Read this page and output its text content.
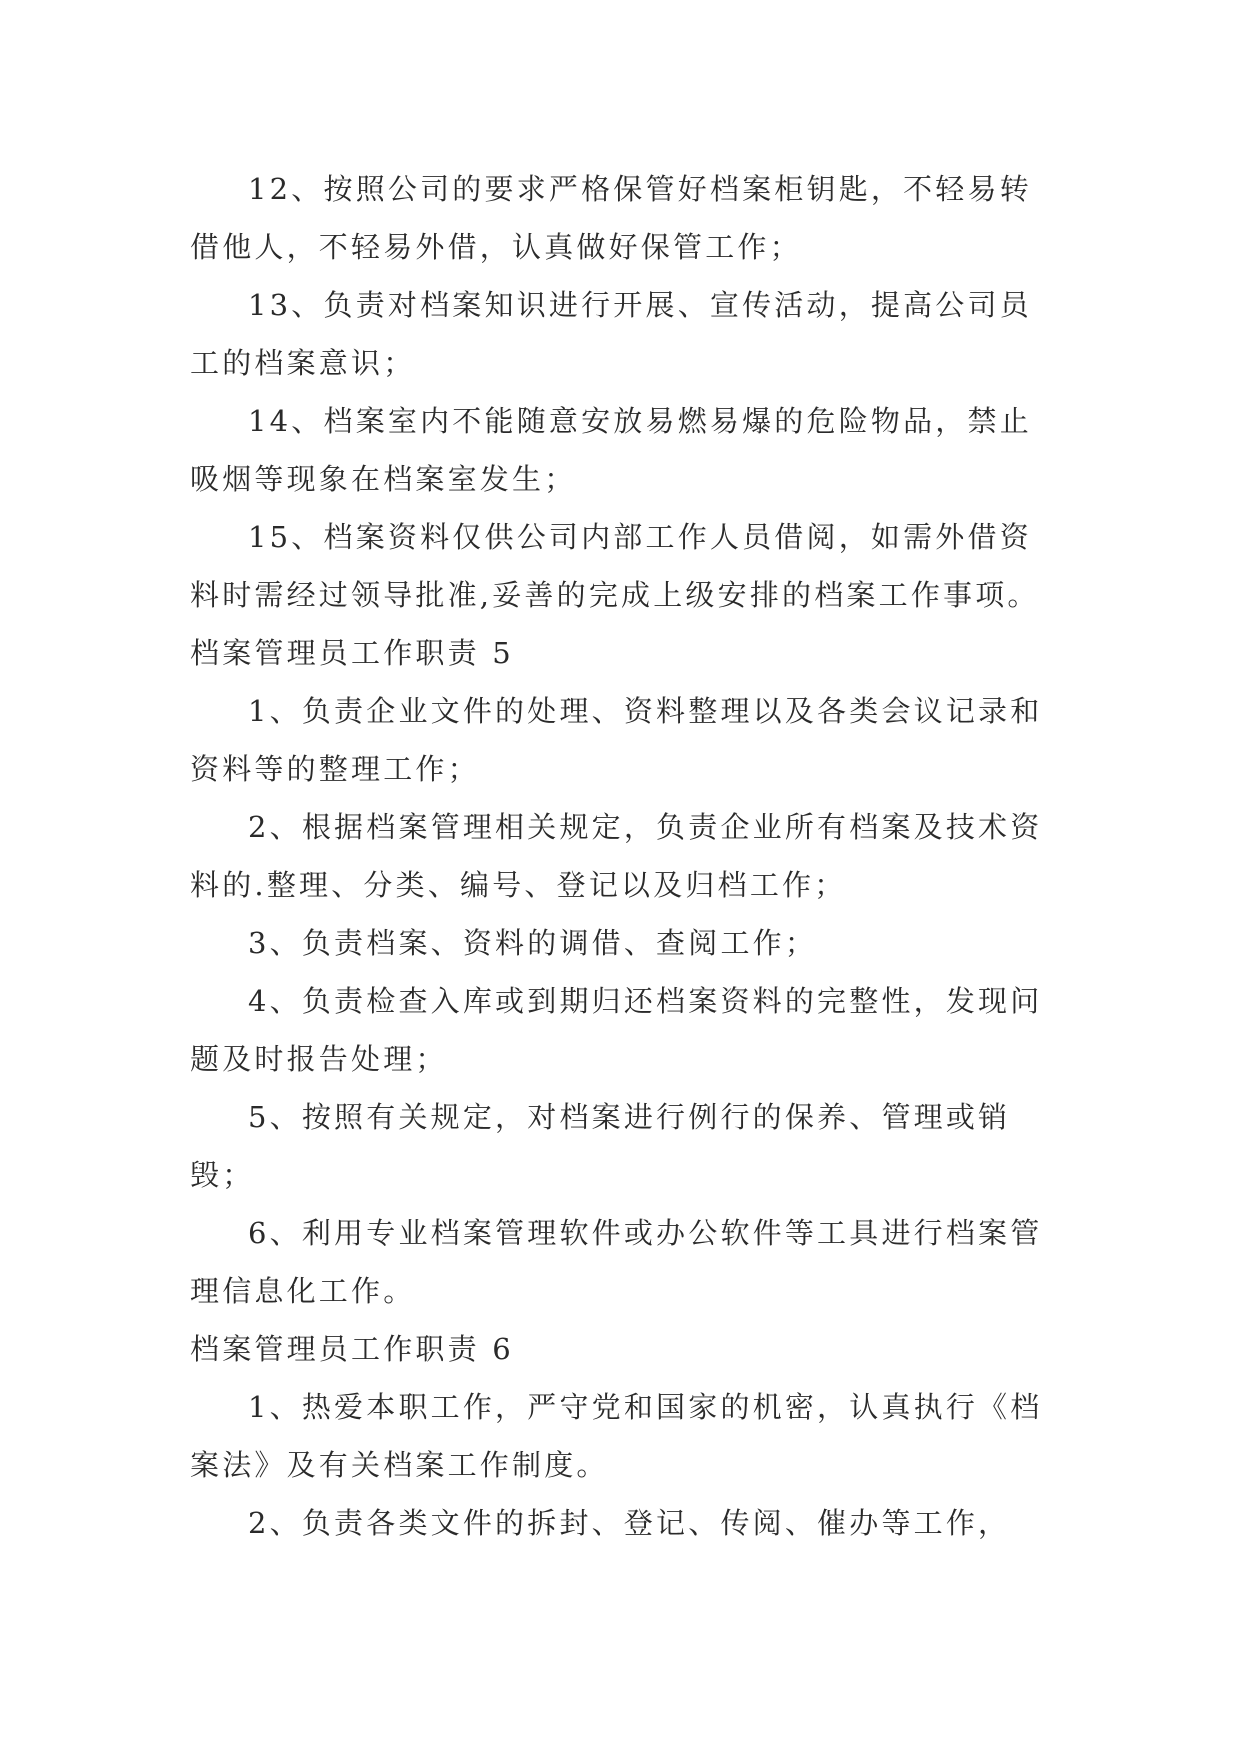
12、按照公司的要求严格保管好档案柜钥匙，不轻易转借他人，不轻易外借，认真做好保管工作；

13、负责对档案知识进行开展、宣传活动，提高公司员工的档案意识；

14、档案室内不能随意安放易燃易爆的危险物品，禁止吸烟等现象在档案室发生；

15、档案资料仅供公司内部工作人员借阅，如需外借资料时需经过领导批准,妥善的完成上级安排的档案工作事项。

档案管理员工作职责 5

1、负责企业文件的处理、资料整理以及各类会议记录和资料等的整理工作；

2、根据档案管理相关规定，负责企业所有档案及技术资料的.整理、分类、编号、登记以及归档工作；

3、负责档案、资料的调借、查阅工作；

4、负责检查入库或到期归还档案资料的完整性，发现问题及时报告处理；

5、按照有关规定，对档案进行例行的保养、管理或销毁；

6、利用专业档案管理软件或办公软件等工具进行档案管理信息化工作。

档案管理员工作职责 6

1、热爱本职工作，严守党和国家的机密，认真执行《档案法》及有关档案工作制度。

2、负责各类文件的拆封、登记、传阅、催办等工作，
